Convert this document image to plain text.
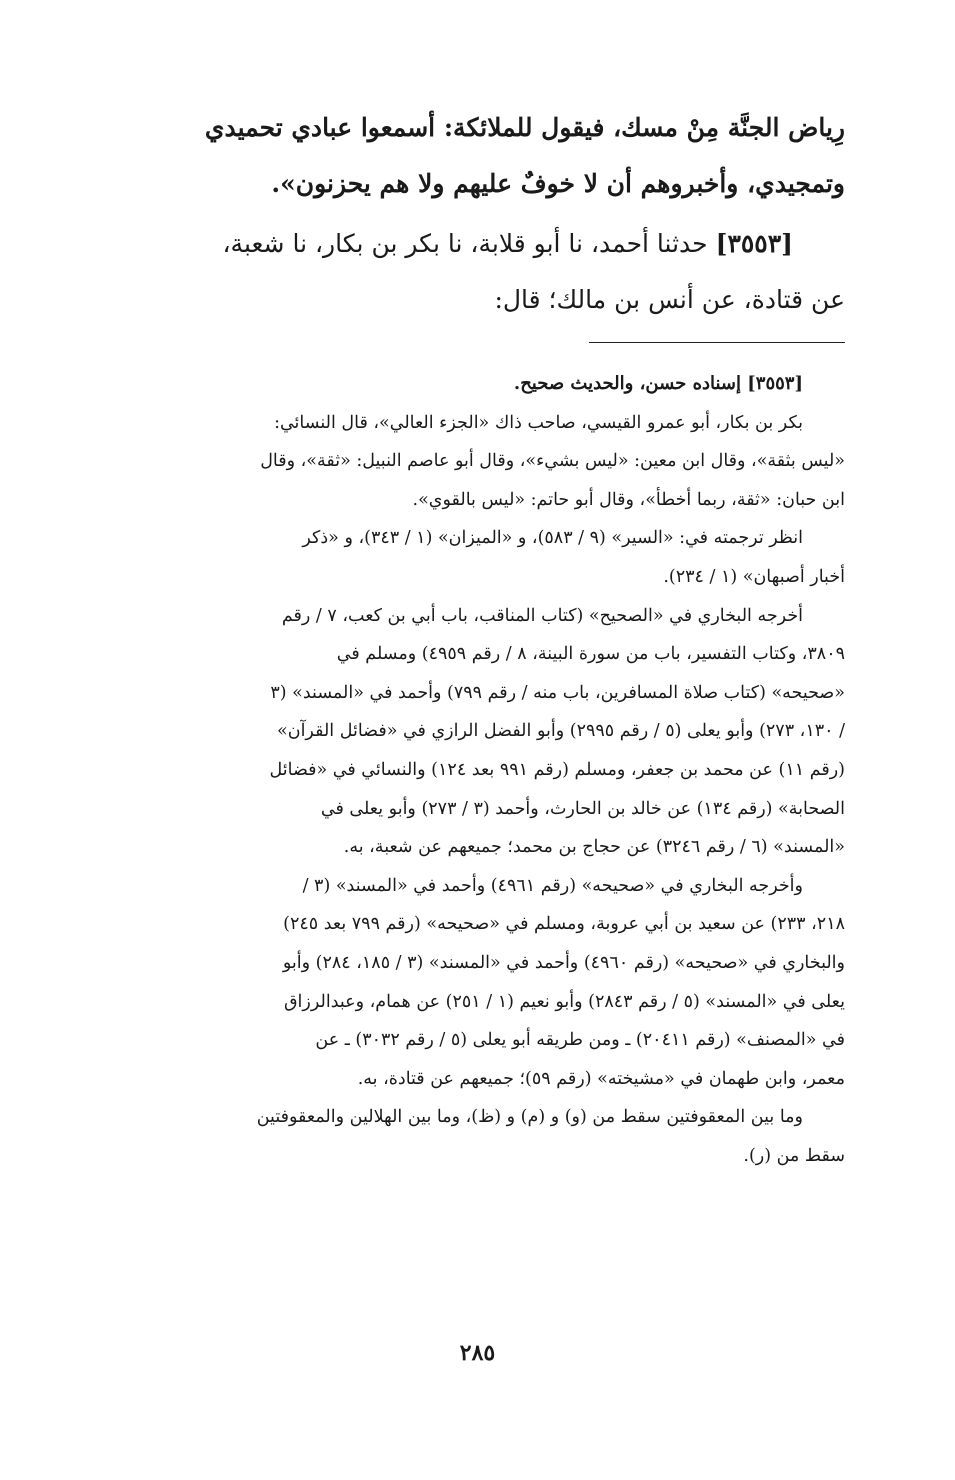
رِياض الجنَّة مِنْ مسك، فيقول للملائكة: أسمعوا عبادي تحميدي
وتمجيدي، وأخبروهم أن لا خوفٌ عليهم ولا هم يحزنون».
[٣٥٥٣] حدثنا أحمد، نا أبو قلابة، نا بكر بن بكار، نا شعبة،
عن قتادة، عن أنس بن مالك؛ قال:
[٣٥٥٣] إسناده حسن، والحديث صحيح.
بكر بن بكار، أبو عمرو القيسي، صاحب ذاك «الجزء العالي»، قال النسائي:
«ليس بثقة»، وقال ابن معين: «ليس بشيء»، وقال أبو عاصم النبيل: «ثقة»، وقال
ابن حبان: «ثقة، ربما أخطأ»، وقال أبو حاتم: «ليس بالقوي».
انظر ترجمته في: «السير» (٩ / ٥٨٣)، و «الميزان» (١ / ٣٤٣)، و «ذكر
أخبار أصبهان» (١ / ٢٣٤).
أخرجه البخاري في «الصحيح» (كتاب المناقب، باب أبي بن كعب، ٧ / رقم
٣٨٠٩، وكتاب التفسير، باب من سورة البينة، ٨ / رقم ٤٩٥٩) ومسلم في
«صحيحه» (كتاب صلاة المسافرين، باب منه / رقم ٧٩٩) وأحمد في «المسند» (٣
/ ١٣٠، ٢٧٣) وأبو يعلى (٥ / رقم ٢٩٩٥) وأبو الفضل الرازي في «فضائل القرآن»
(رقم ١١) عن محمد بن جعفر، ومسلم (رقم ٩٩١ بعد ١٢٤) والنسائي في «فضائل
الصحابة» (رقم ١٣٤) عن خالد بن الحارث، وأحمد (٣ / ٢٧٣) وأبو يعلى في
«المسند» (٦ / رقم ٣٢٤٦) عن حجاج بن محمد؛ جميعهم عن شعبة، به.
وأخرجه البخاري في «صحيحه» (رقم ٤٩٦١) وأحمد في «المسند» (٣ /
٢١٨، ٢٣٣) عن سعيد بن أبي عروبة، ومسلم في «صحيحه» (رقم ٧٩٩ بعد ٢٤٥)
والبخاري في «صحيحه» (رقم ٤٩٦٠) وأحمد في «المسند» (٣ / ١٨٥، ٢٨٤) وأبو
يعلى في «المسند» (٥ / رقم ٢٨٤٣) وأبو نعيم (١ / ٢٥١) عن همام، وعبدالرزاق
في «المصنف» (رقم ٢٠٤١١) ـ ومن طريقه أبو يعلى (٥ / رقم ٣٠٣٢) ـ عن
معمر، وابن طهمان في «مشيخته» (رقم ٥٩)؛ جميعهم عن قتادة، به.
وما بين المعقوفتين سقط من (و) و (م) و (ظ)، وما بين الهلالين والمعقوفتين
سقط من (ر).
٢٨٥
